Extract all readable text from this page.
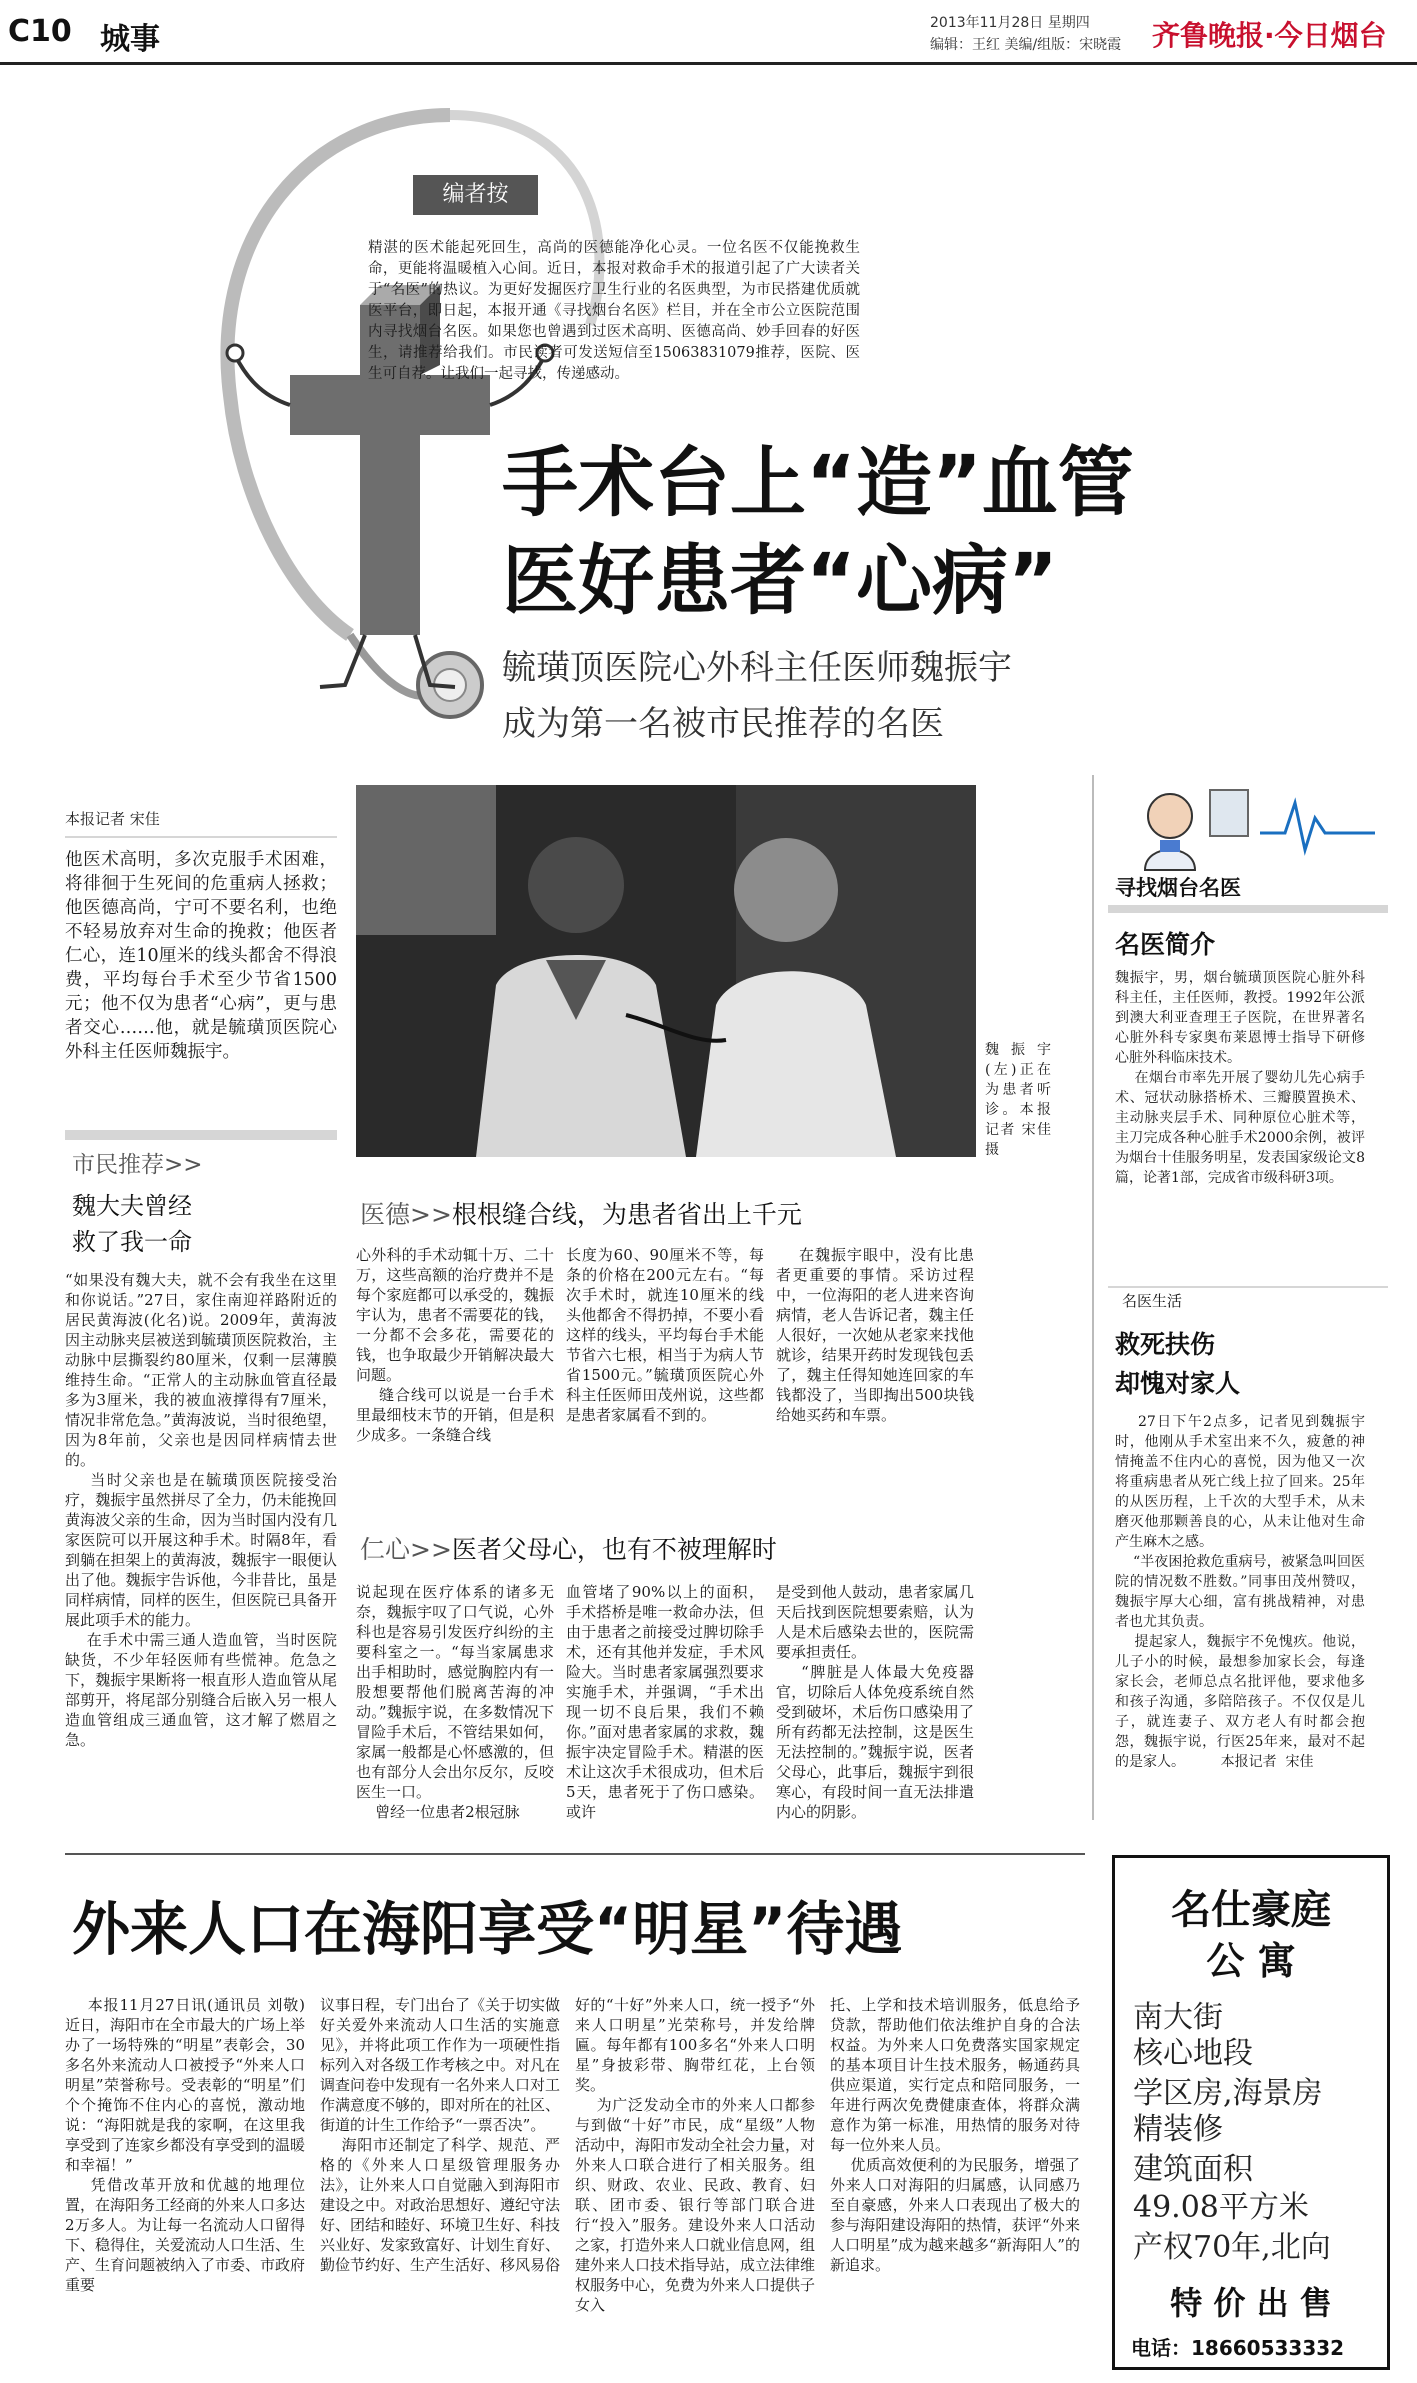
C10 城事	2013年11月28日 星期四
编辑：王红 美编/组版：宋晓霞 齐鲁晚报·今日烟台
编者按
精湛的医术能起死回生，高尚的医德能净化心灵。一位名医不仅能挽救生命，更能将温暖植入心间。近日，本报对救命手术的报道引起了广大读者关于“名医”的热议。为更好发掘医疗卫生行业的名医典型，为市民搭建优质就医平台，即日起，本报开通《寻找烟台名医》栏目，并在全市公立医院范围内寻找烟台名医。如果您也曾遇到过医术高明、医德高尚、妙手回春的好医生，请推荐给我们。市民读者可发送短信至15063831079推荐，医院、医生可自荐。让我们一起寻找，传递感动。
手术台上“造”血管
医好患者“心病”
毓璜顶医院心外科主任医师魏振宇
成为第一名被市民推荐的名医
本报记者 宋佳
他医术高明，多次克服手术困难，将徘徊于生死间的危重病人拯救；他医德高尚，宁可不要名利，也绝不轻易放弃对生命的挽救；他医者仁心，连10厘米的线头都舍不得浪费，平均每台手术至少节省1500元；他不仅为患者“心病”，更与患者交心……他，就是毓璜顶医院心外科主任医师魏振宇。
市民推荐>>
魏大夫曾经
救了我一命
“如果没有魏大夫，就不会有我坐在这里和你说话。”27日，家住南迎祥路附近的居民黄海波(化名)说。2009年，黄海波因主动脉夹层被送到毓璜顶医院救治，主动脉中层撕裂约80厘米，仅剩一层薄膜维持生命。“正常人的主动脉血管直径最多为3厘米，我的被血液撑得有7厘米，情况非常危急。”黄海波说，当时很绝望，因为8年前，父亲也是因同样病情去世的。
当时父亲也是在毓璜顶医院接受治疗，魏振宇虽然拼尽了全力，仍未能挽回黄海波父亲的生命，因为当时国内没有几家医院可以开展这种手术。时隔8年，看到躺在担架上的黄海波，魏振宇一眼便认出了他。魏振宇告诉他，今非昔比，虽是同样病情，同样的医生，但医院已具备开展此项手术的能力。
在手术中需三通人造血管，当时医院缺货，不少年轻医师有些慌神。危急之下，魏振宇果断将一根直形人造血管从尾部剪开，将尾部分别缝合后嵌入另一根人造血管组成三通血管，这才解了燃眉之急。
魏振宇(左)正在为患者听诊。本报记者 宋佳 摄
医德>>根根缝合线，为患者省出上千元
心外科的手术动辄十万、二十万，这些高额的治疗费并不是每个家庭都可以承受的，魏振宇认为，患者不需要花的钱，一分都不会多花，需要花的钱，也争取最少开销解决最大问题。
缝合线可以说是一台手术里最细枝末节的开销，但是积少成多。一条缝合线
长度为60、90厘米不等，每条的价格在200元左右。“每次手术时，就连10厘米的线头他都舍不得扔掉，不要小看这样的线头，平均每台手术能节省六七根，相当于为病人节省1500元。”毓璜顶医院心外科主任医师田茂州说，这些都是患者家属看不到的。
在魏振宇眼中，没有比患者更重要的事情。采访过程中，一位海阳的老人进来咨询病情，老人告诉记者，魏主任人很好，一次她从老家来找他就诊，结果开药时发现钱包丢了，魏主任得知她连回家的车钱都没了，当即掏出500块钱给她买药和车票。
仁心>>医者父母心，也有不被理解时
说起现在医疗体系的诸多无奈，魏振宇叹了口气说，心外科也是容易引发医疗纠纷的主要科室之一。“每当家属患求出手相助时，感觉胸腔内有一股想要帮他们脱离苦海的冲动。”魏振宇说，在多数情况下冒险手术后，不管结果如何，家属一般都是心怀感激的，但也有部分人会出尔反尔，反咬医生一口。
曾经一位患者2根冠脉
血管堵了90%以上的面积，手术搭桥是唯一救命办法，但由于患者之前接受过脾切除手术，还有其他并发症，手术风险大。当时患者家属强烈要求实施手术，并强调，“手术出现一切不良后果，我们不赖你。”面对患者家属的求救，魏振宇决定冒险手术。精湛的医术让这次手术很成功，但术后5天，患者死于了伤口感染。或许
是受到他人鼓动，患者家属几天后找到医院想要索赔，认为人是术后感染去世的，医院需要承担责任。
“脾脏是人体最大免疫器官，切除后人体免疫系统自然受到破坏，术后伤口感染用了所有药都无法控制，这是医生无法控制的。”魏振宇说，医者父母心，此事后，魏振宇到很寒心，有段时间一直无法排遣内心的阴影。
寻找烟台名医
名医简介
魏振宇，男，烟台毓璜顶医院心脏外科科主任，主任医师，教授。1992年公派到澳大利亚查理王子医院，在世界著名心脏外科专家奥布莱恩博士指导下研修心脏外科临床技术。
在烟台市率先开展了婴幼儿先心病手术、冠状动脉搭桥术、三瓣膜置换术、主动脉夹层手术、同种原位心脏术等，主刀完成各种心脏手术2000余例，被评为烟台十佳服务明星，发表国家级论文8篇，论著1部，完成省市级科研3项。
名医生活
救死扶伤
却愧对家人
27日下午2点多，记者见到魏振宇时，他刚从手术室出来不久，疲惫的神情掩盖不住内心的喜悦，因为他又一次将重病患者从死亡线上拉了回来。25年的从医历程，上千次的大型手术，从未磨灭他那颗善良的心，从未让他对生命产生麻木之感。
“半夜困抢救危重病号，被紧急叫回医院的情况数不胜数。”同事田茂州赞叹，魏振宇厚大心细，富有挑战精神，对患者也尤其负责。
提起家人，魏振宇不免愧疚。他说，儿子小的时候，最想参加家长会，每逢家长会，老师总点名批评他，要求他多和孩子沟通，多陪陪孩子。不仅仅是儿子，就连妻子、双方老人有时都会抱怨，魏振宇说，行医25年来，最对不起的是家人。        本报记者  宋佳
外来人口在海阳享受“明星”待遇
本报11月27日讯(通讯员 刘敬) 近日，海阳市在全市最大的广场上举办了一场特殊的“明星”表彰会，30多名外来流动人口被授予“外来人口明星”荣誉称号。受表彰的“明星”们个个掩饰不住内心的喜悦，激动地说：“海阳就是我的家啊，在这里我享受到了连家乡都没有享受到的温暖和幸福！”
凭借改革开放和优越的地理位置，在海阳务工经商的外来人口多达2万多人。为让每一名流动人口留得下、稳得住，关爱流动人口生活、生产、生育问题被纳入了市委、市政府重要
议事日程，专门出台了《关于切实做好关爱外来流动人口生活的实施意见》，并将此项工作作为一项硬性指标列入对各级工作考核之中。对凡在调查问卷中发现有一名外来人口对工作满意度不够的，即对所在的社区、街道的计生工作给予“一票否决”。
海阳市还制定了科学、规范、严格的《外来人口星级管理服务办法》，让外来人口自觉融入到海阳市建设之中。对政治思想好、遵纪守法好、团结和睦好、环境卫生好、科技兴业好、发家致富好、计划生育好、勤俭节约好、生产生活好、移风易俗
好的“十好”外来人口，统一授予“外来人口明星”光荣称号，并发给牌匾。每年都有100多名“外来人口明星”身披彩带、胸带红花，上台领奖。
为广泛发动全市的外来人口都参与到做“十好”市民，成“星级”人物活动中，海阳市发动全社会力量，对外来人口联合进行了相关服务。组织、财政、农业、民政、教育、妇联、团市委、银行等部门联合进行“投入”服务。建设外来人口活动之家，打造外来人口就业信息网，组建外来人口技术指导站，成立法律维权服务中心，免费为外来人口提供子女入
托、上学和技术培训服务，低息给予贷款，帮助他们依法维护自身的合法权益。为外来人口免费落实国家规定的基本项目计生技术服务，畅通药具供应渠道，实行定点和陪同服务，一年进行两次免费健康查体，将群众满意作为第一标准，用热情的服务对待每一位外来人员。
优质高效便利的为民服务，增强了外来人口对海阳的归属感，认同感乃至自豪感，外来人口表现出了极大的参与海阳建设海阳的热情，获评“外来人口明星”成为越来越多“新海阳人”的新追求。
名仕豪庭
公 寓
南大街
核心地段
学区房,海景房
精装修
建筑面积
49.08平方米
产权70年,北向
特 价 出 售
电话：18660533332
